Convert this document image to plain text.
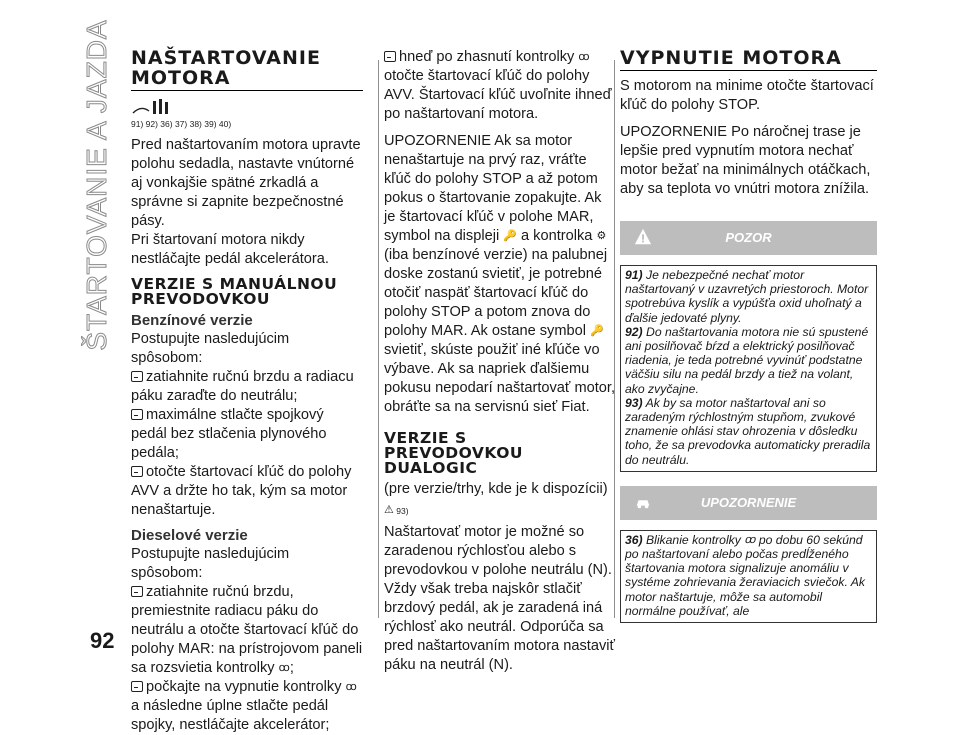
ŠTARTOVANIE A JAZDA NAŠTARTOVANIE

MOTORA

91) 92) 36) 37) 38) 39) 40)

Pred naštartovaním motora upravte polohu sedadla, nastavte vnútorné aj vonkajšie spätné zrkadlá a správne si zapnite bezpečnostné pásy.

Pri štartovaní motora nikdy nestláčajte pedál akcelerátora.

VERZIE S MANUÁLNOU
PREVODOVKOU

Benzínové verzie

Postupujte nasledujúcim spôsobom:

zatiahnite ručnú brzdu a radiacu páku zaraďte do neutrálu;

maximálne stlačte spojkový pedál bez stlačenia plynového pedála;

otočte štartovací kľúč do polohy AVV a držte ho tak, kým sa motor nenaštartuje.

Dieselové verzie

Postupujte nasledujúcim spôsobom:

zatiahnite ručnú brzdu, premiestnite radiacu páku do neutrálu a otočte štartovací kľúč do polohy MAR: na prístrojovom paneli sa rozsvietia kontrolky ꝏ;

počkajte na vypnutie kontrolky ꝏ a následne úplne stlačte pedál spojky, nestláčajte akcelerátor;

hneď po zhasnutí kontrolky ꝏ otočte štartovací kľúč do polohy AVV. Štartovací kľúč uvoľnite ihneď po naštartovaní motora.

UPOZORNENIE Ak sa motor nenaštartuje na prvý raz, vráťte kľúč do polohy STOP a až potom pokus o štartovanie zopakujte. Ak je štartovací kľúč v polohe MAR, symbol na displeji 🔑 a kontrolka ⚙ (iba benzínové verzie) na palubnej doske zostanú svietiť, je potrebné otočiť naspäť štartovací kľúč do polohy STOP a potom znova do polohy MAR. Ak ostane symbol 🔑 svietiť, skúste použiť iné kľúče vo výbave. Ak sa napriek ďalšiemu pokusu nepodarí naštartovať motor, obráťte sa na servisnú sieť Fiat.

VERZIE S
PREVODOVKOU
DUALOGIC

(pre verzie/trhy, kde je k dispozícii)

⚠ 93)

Naštartovať motor je možné so zaradenou rýchlosťou alebo s prevodovkou v polohe neutrálu (N).

Vždy však treba najskôr stlačiť brzdový pedál, ak je zaradená iná rýchlosť ako neutrál. Odporúča sa pred naštartovaním motora nastaviť páku na neutrál (N).

VYPNUTIE MOTORA

S motorom na minime otočte štartovací kľúč do polohy STOP.

UPOZORNENIE Po náročnej trase je lepšie pred vypnutím motora nechať motor bežať na minimálnych otáčkach, aby sa teplota vo vnútri motora znížila.

POZOR

91) Je nebezpečné nechať motor naštartovaný v uzavretých priestoroch. Motor spotrebúva kyslík a vypúšťa oxid uhoľnatý a ďalšie jedovaté plyny.

92) Do naštartovania motora nie sú spustené ani posilňovač bŕzd a elektrický posilňovač riadenia, je teda potrebné vyvinúť podstatne väčšiu silu na pedál brzdy a tiež na volant, ako zvyčajne.

93) Ak by sa motor naštartoval ani so zaradeným rýchlostným stupňom, zvukové znamenie ohlási stav ohrozenia v dôsledku toho, že sa prevodovka automaticky preradila do neutrálu.

UPOZORNENIE

36) Blikanie kontrolky ꝏ po dobu 60 sekúnd po naštartovaní alebo počas predĺženého štartovania motora signalizuje anomáliu v systéme zohrievania žeraviacich sviečok. Ak motor naštartuje, môže sa automobil normálne používať, ale

92
